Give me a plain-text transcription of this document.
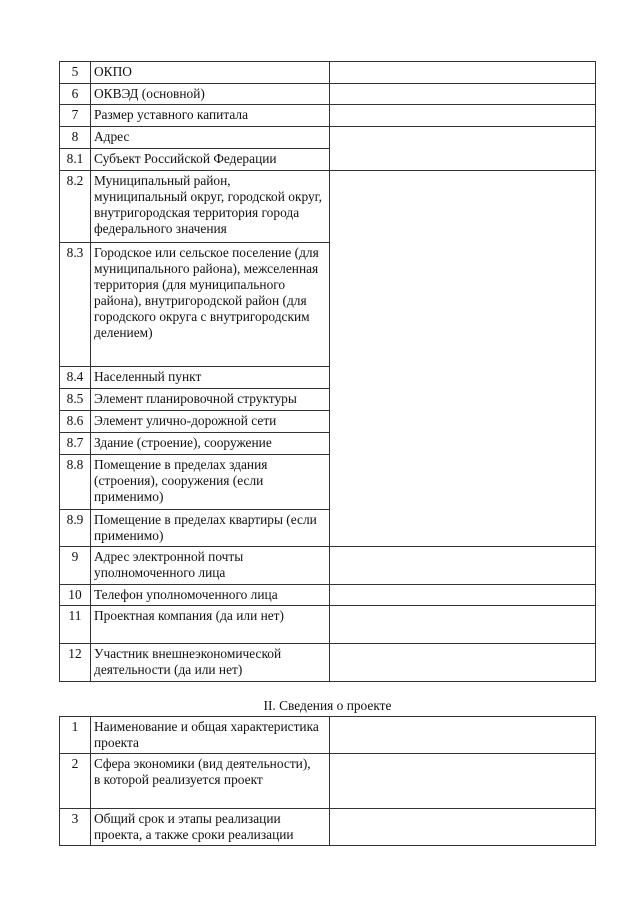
5	ОКПО	
6	ОКВЭД (основной)	
7	Размер уставного капитала	
8	Адрес	
8.1	Субъект Российской Федерации	
8.2	Муниципальный район, муниципальный округ, городской округ, внутригородская территория города федерального значения	
8.3	Городское или сельское поселение (для муниципального района), межселенная территория (для муниципального района), внутригородской район (для городского округа с внутригородским делением)	
8.4	Населенный пункт	
8.5	Элемент планировочной структуры	
8.6	Элемент улично-дорожной сети	
8.7	Здание (строение), сооружение	
8.8	Помещение в пределах здания (строения), сооружения (если применимо)	
8.9	Помещение в пределах квартиры (если применимо)	
9	Адрес электронной почты уполномоченного лица	
10	Телефон уполномоченного лица	
11	Проектная компания (да или нет)	
12	Участник внешнеэкономической деятельности (да или нет)	
II. Сведения о проекте
1	Наименование и общая характеристика проекта	
2	Сфера экономики (вид деятельности),
в которой реализуется проект	
3	Общий срок и этапы реализации проекта, а также сроки реализации	
